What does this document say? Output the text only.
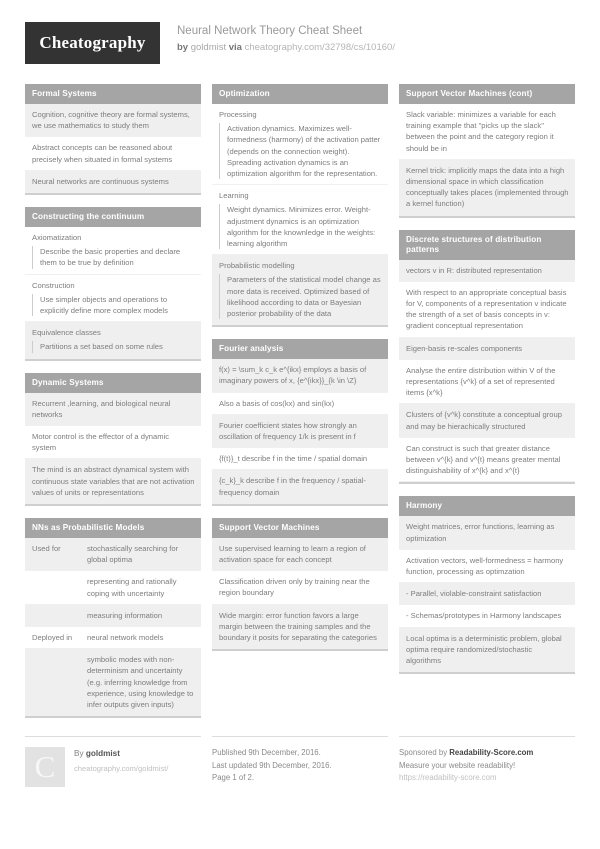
Cheatography
Neural Network Theory Cheat Sheet
by goldmist via cheatography.com/32798/cs/10160/
Formal Systems
Cognition, cognitive theory are formal systems, we use mathematics to study them
Abstract concepts can be reasoned about precisely when situated in formal systems
Neural networks are continuous systems
Constructing the continuum
Axiomatization
Describe the basic properties and declare them to be true by definition
Construction
Use simpler objects and operations to explicitly define more complex models
Equivalence classes
Partitions a set based on some rules
Dynamic Systems
Recurrent ,learning, and biological neural networks
Motor control is the effector of a dynamic system
The mind is an abstract dynamical system with continuous state variables that are not activation values of units or representations
NNs as Probabilistic Models
Used for	stochastically searching for global optima
representing and rationally coping with uncertainty
measuring information
Deployed in	neural network models
symbolic modes with non-determinism and uncertainty (e.g. inferring knowledge from experience, using knowledge to infer outputs given inputs)
Optimization
Processing
Activation dynamics. Maximizes well-formedness (harmony) of the activation patter (depends on the connection weight). Spreading activation dynamics is an optimization algorithm for the representation.
Learning
Weight dynamics. Minimizes error. Weight-adjustment dynamics is an optimization algorithm for the knownledge in the weights: learning algorithm
Probabilistic modelling
Parameters of the statistical model change as more data is received. Optimized based of likelihood according to data or Bayesian posterior probability of the data
Fourier analysis
f(x) = \sum_k c_k e^{ikx} employs a basis of imaginary powers of x, {e^{ikx}}_{k \in \Z}
Also a basis of cos(kx) and sin(kx)
Fourier coefficient states how strongly an oscillation of frequency 1/k is present in f
{f(t)}_t describe f in the time / spatial domain
{c_k}_k describe f in the frequency / spatial-frequency domain
Support Vector Machines
Use supervised learning to learn a region of activation space for each concept
Classification driven only by training near the region boundary
Wide margin: error function favors a large margin between the training samples and the boundary it posits for separating the categories
Support Vector Machines (cont)
Slack variable: minimizes a variable for each training example that "picks up the slack" between the point and the category region it should be in
Kernel trick: implicitly maps the data into a high dimensional space in which classification conceptually takes places (implemented through a kernel function)
Discrete structures of distribution patterns
vectors v in R: distributed representation
With respect to an appropriate conceptual basis for V, components of a representation v indicate the strength of a set of basis concepts in v: gradient conceptual representation
Eigen-basis re-scales components
Analyse the entire distribution within V of the representations {v^k} of a set of represented items {x^k}
Clusters of {v^k} constitute a conceptual group and may be hierachically structured
Can construct is such that greater distance between v^{k} and v^{t} means greater mental distinguishability of x^{k} and x^{t}
Harmony
Weight matrices, error functions, learning as optimization
Activation vectors, well-formedness = harmony function, processing as optimzation
- Parallel, violable-constraint satisfaction
- Schemas/prototypes in Harmony landscapes
Local optima is a deterministic problem, global optima require randomized/stochastic algorithms
C	By goldmist
cheatography.com/goldmist/
Published 9th December, 2016.
Last updated 9th December, 2016.
Page 1 of 2.
Sponsored by Readability-Score.com
Measure your website readability!
https://readability-score.com
